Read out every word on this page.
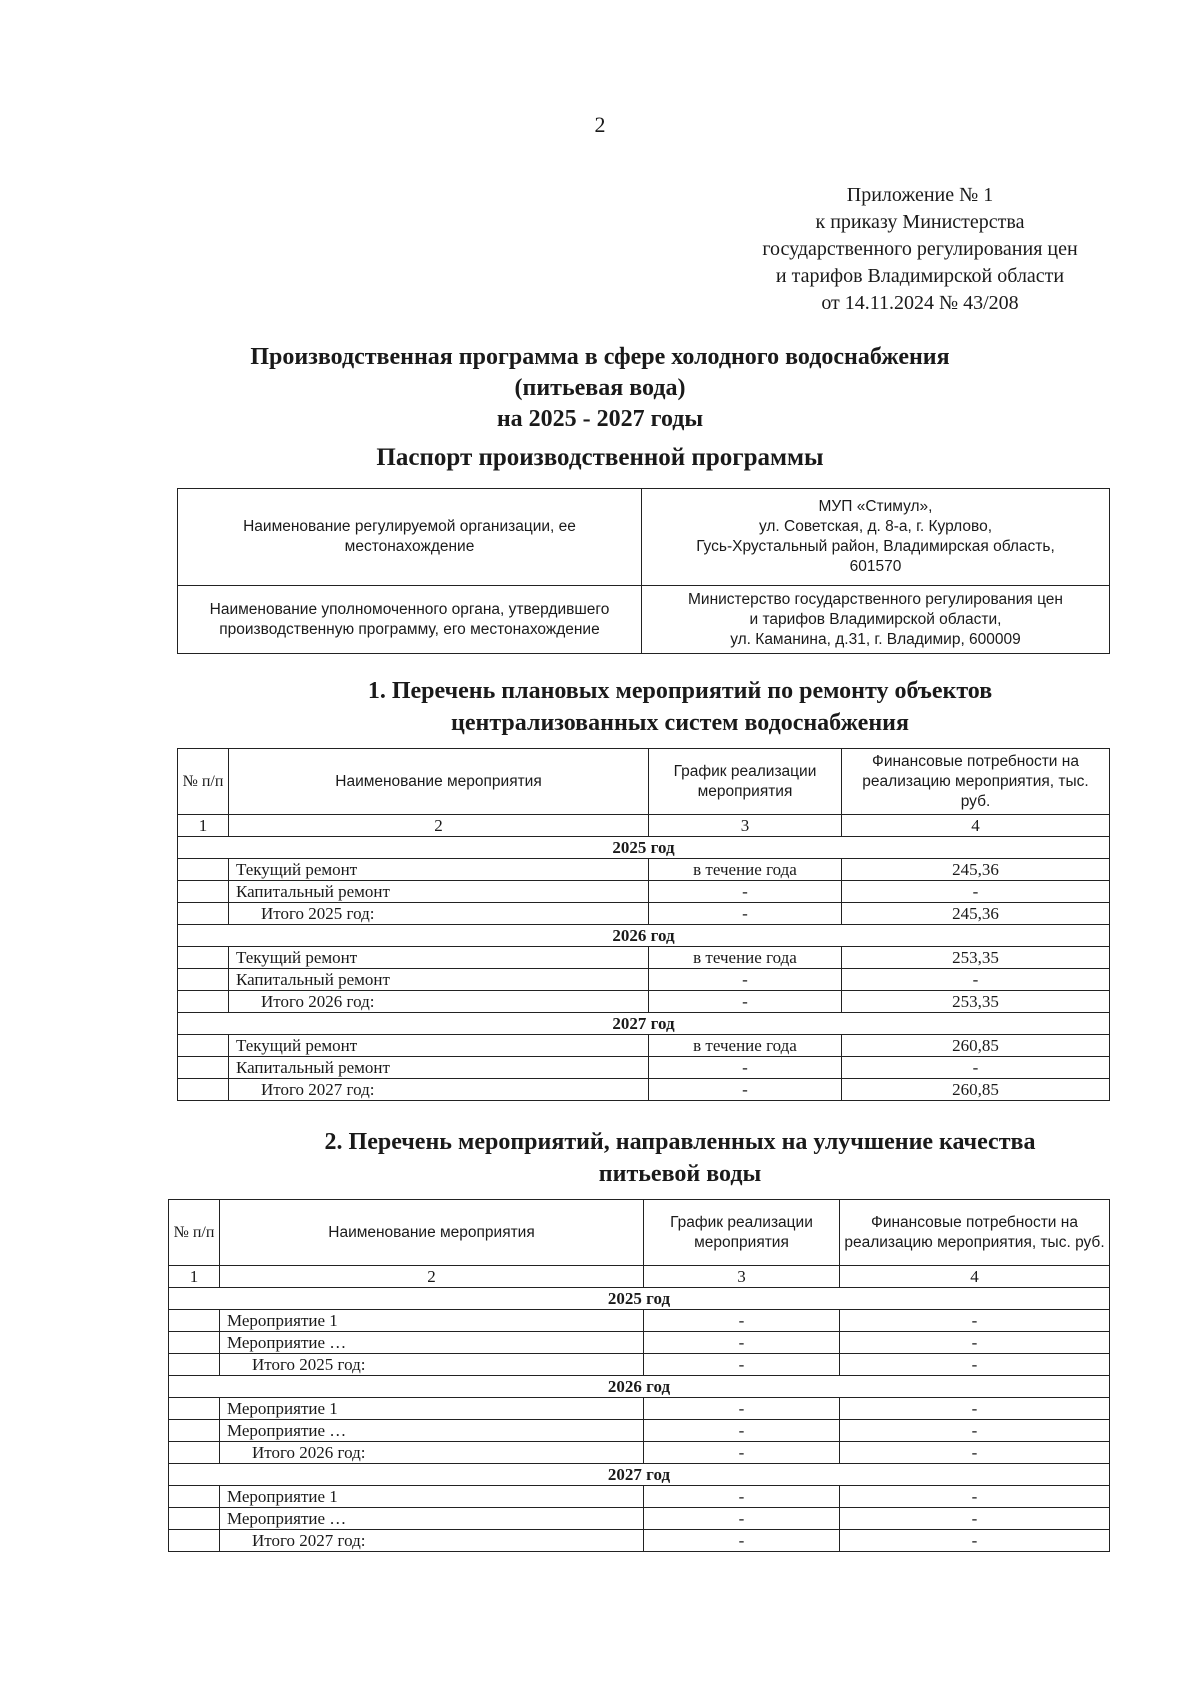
2
Приложение № 1
к приказу Министерства
государственного регулирования цен
и тарифов Владимирской области
от 14.11.2024 № 43/208
Производственная программа в сфере холодного водоснабжения
(питьевая вода)
на 2025 - 2027 годы
Паспорт производственной программы
Наименование регулируемой организации, ее местонахождение	МУП «Стимул»,
ул. Советская, д. 8-а, г. Курлово,
Гусь-Хрустальный район, Владимирская область,
601570

Наименование уполномоченного органа, утвердившего производственную программу, его местонахождение	Министерство государственного регулирования цен
и тарифов Владимирской области,
ул. Каманина, д.31, г. Владимир, 600009
1. Перечень плановых мероприятий по ремонту объектов
централизованных систем водоснабжения
№ п/п	Наименование мероприятия	График реализации мероприятия	Финансовые потребности на реализацию мероприятия, тыс. руб.
1	2	3	4
2025 год			
	Текущий ремонт	в течение года	245,36
	Капитальный ремонт	-	-
	Итого 2025 год:	-	245,36
2026 год			
	Текущий ремонт	в течение года	253,35
	Капитальный ремонт	-	-
	Итого 2026 год:	-	253,35
2027 год			
	Текущий ремонт	в течение года	260,85
	Капитальный ремонт	-	-
	Итого 2027 год:	-	260,85
2. Перечень мероприятий, направленных на улучшение качества
питьевой воды
№ п/п	Наименование мероприятия	График реализации мероприятия	Финансовые потребности на реализацию мероприятия, тыс. руб.
1	2	3	4
2025 год			
	Мероприятие 1	-	-
	Мероприятие …	-	-
	Итого 2025 год:	-	-
2026 год			
	Мероприятие 1	-	-
	Мероприятие …	-	-
	Итого 2026 год:	-	-
2027 год			
	Мероприятие 1	-	-
	Мероприятие …	-	-
	Итого 2027 год:	-	-
